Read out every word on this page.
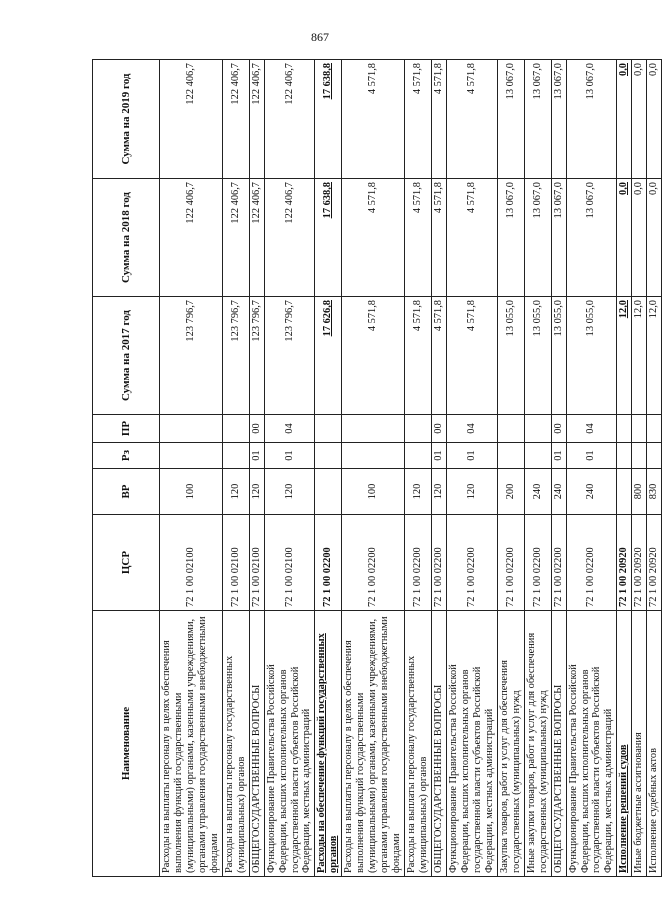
867
Наименование	ЦСР	ВР	Рз	ПР	Сумма на 2017 год	Сумма на 2018 год	Сумма на 2019 год
Расходы на выплаты персоналу в целях обеспечения выполнения функций государственными (муниципальными) органами, казенными учреждениями, органами управления государственными внебюджетными фондами	72 1 00 02100	100			123 796,7	122 406,7	122 406,7
Расходы на выплаты персоналу государственных (муниципальных) органов	72 1 00 02100	120			123 796,7	122 406,7	122 406,7
ОБЩЕГОСУДАРСТВЕННЫЕ ВОПРОСЫ	72 1 00 02100	120	01	00	123 796,7	122 406,7	122 406,7
Функционирование Правительства Российской Федерации, высших исполнительных органов государственной власти субъектов Российской Федерации, местных администраций	72 1 00 02100	120	01	04	123 796,7	122 406,7	122 406,7
Расходы на обеспечение функций государственных органов	72 1 00 02200				17 626,8	17 638,8	17 638,8
Расходы на выплаты персоналу в целях обеспечения выполнения функций государственными (муниципальными) органами, казенными учреждениями, органами управления государственными внебюджетными фондами	72 1 00 02200	100			4 571,8	4 571,8	4 571,8
Расходы на выплаты персоналу государственных (муниципальных) органов	72 1 00 02200	120			4 571,8	4 571,8	4 571,8
ОБЩЕГОСУДАРСТВЕННЫЕ ВОПРОСЫ	72 1 00 02200	120	01	00	4 571,8	4 571,8	4 571,8
Функционирование Правительства Российской Федерации, высших исполнительных органов государственной власти субъектов Российской Федерации, местных администраций	72 1 00 02200	120	01	04	4 571,8	4 571,8	4 571,8
Закупка товаров, работ и услуг для обеспечения государственных (муниципальных) нужд	72 1 00 02200	200			13 055,0	13 067,0	13 067,0
Иные закупки товаров, работ и услуг для обеспечения государственных (муниципальных) нужд	72 1 00 02200	240			13 055,0	13 067,0	13 067,0
ОБЩЕГОСУДАРСТВЕННЫЕ ВОПРОСЫ	72 1 00 02200	240	01	00	13 055,0	13 067,0	13 067,0
Функционирование Правительства Российской Федерации, высших исполнительных органов государственной власти субъектов Российской Федерации, местных администраций	72 1 00 02200	240	01	04	13 055,0	13 067,0	13 067,0
Исполнение решений судов	72 1 00 20920				12,0	0,0	0,0
Иные бюджетные ассигнования	72 1 00 20920	800			12,0	0,0	0,0
Исполнение судебных актов	72 1 00 20920	830			12,0	0,0	0,0
